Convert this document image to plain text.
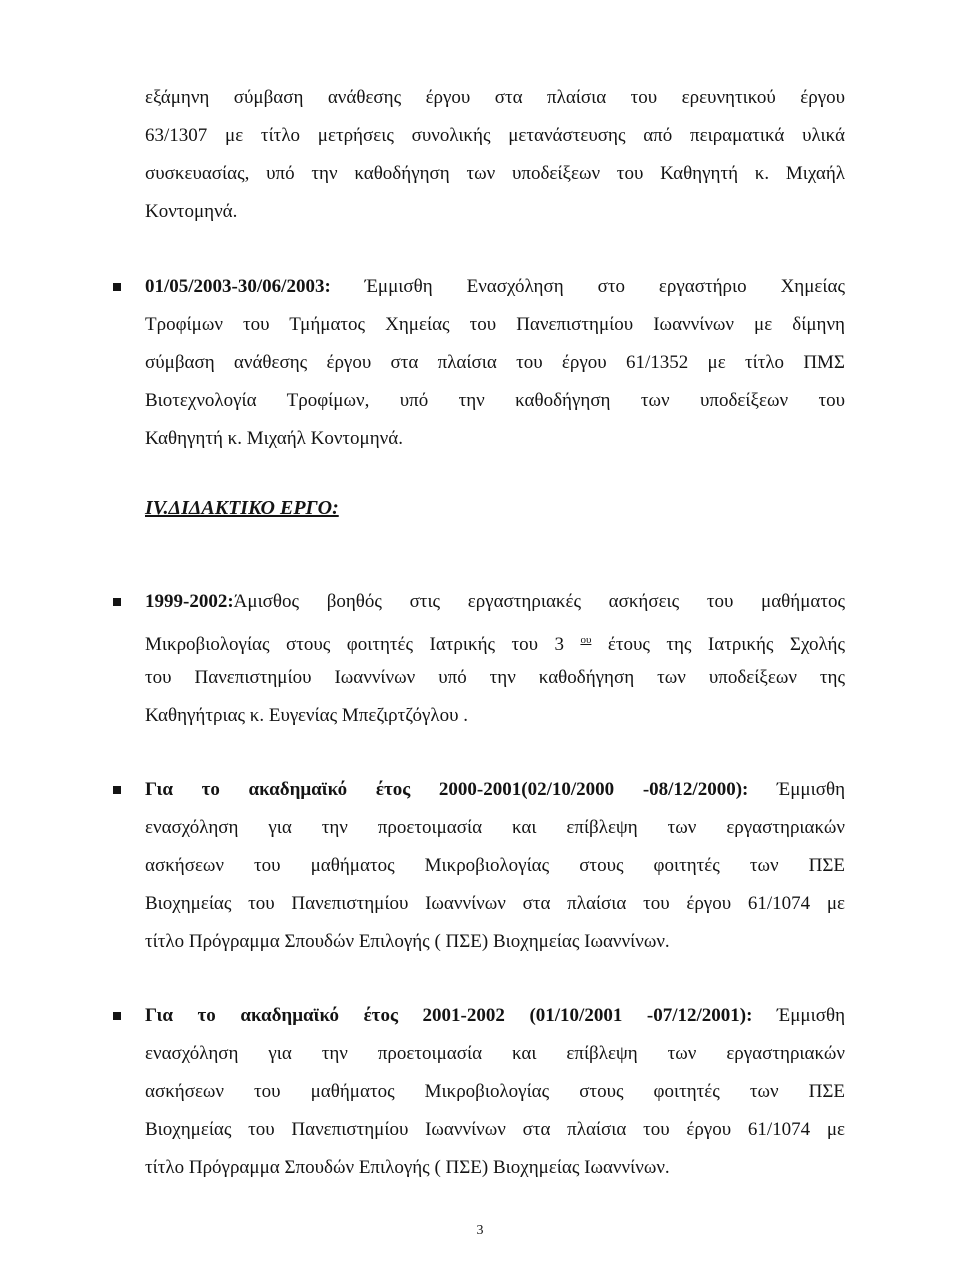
εξάμηνη σύμβαση ανάθεσης έργου στα πλαίσια του ερευνητικού έργου
63/1307 με τίτλο μετρήσεις συνολικής μετανάστευσης από πειραματικά υλικά
συσκευασίας, υπό την καθοδήγηση των υποδείξεων του Καθηγητή κ. Μιχαήλ
Κοντομηνά.
01/05/2003-30/06/2003: Έμμισθη Ενασχόληση στο εργαστήριο Χημείας
Τροφίμων του Τμήματος Χημείας του Πανεπιστημίου Ιωαννίνων με δίμηνη
σύμβαση ανάθεσης έργου στα πλαίσια του έργου 61/1352 με τίτλο ΠΜΣ
Βιοτεχνολογία Τροφίμων, υπό την καθοδήγηση των υποδείξεων του
Καθηγητή κ. Μιχαήλ Κοντομηνά.
IV.ΔΙΔΑΚΤΙΚΟ ΕΡΓΟ:
1999-2002:Άμισθος βοηθός στις εργαστηριακές ασκήσεις του μαθήματος
Μικροβιολογίας στους φοιτητές Ιατρικής του 3 $^{o\upsilon}$ έτους της Ιατρικής Σχολής
του Πανεπιστημίου Ιωαννίνων υπό την καθοδήγηση των υποδείξεων της
Καθηγήτριας κ. Ευγενίας Μπεζιρτζόγλου .
Για το ακαδημαϊκό έτος 2000-2001(02/10/2000 -08/12/2000): Έμμισθη
ενασχόληση για την προετοιμασία και επίβλεψη των εργαστηριακών
ασκήσεων του μαθήματος Μικροβιολογίας στους φοιτητές των ΠΣΕ
Βιοχημείας του Πανεπιστημίου Ιωαννίνων στα πλαίσια του έργου 61/1074 με
τίτλο Πρόγραμμα Σπουδών Επιλογής ( ΠΣΕ) Βιοχημείας Ιωαννίνων.
Για το ακαδημαϊκό έτος 2001-2002 (01/10/2001 -07/12/2001): Έμμισθη
ενασχόληση για την προετοιμασία και επίβλεψη των εργαστηριακών
ασκήσεων του μαθήματος Μικροβιολογίας στους φοιτητές των ΠΣΕ
Βιοχημείας του Πανεπιστημίου Ιωαννίνων στα πλαίσια του έργου 61/1074 με
τίτλο Πρόγραμμα Σπουδών Επιλογής ( ΠΣΕ) Βιοχημείας Ιωαννίνων.
3
